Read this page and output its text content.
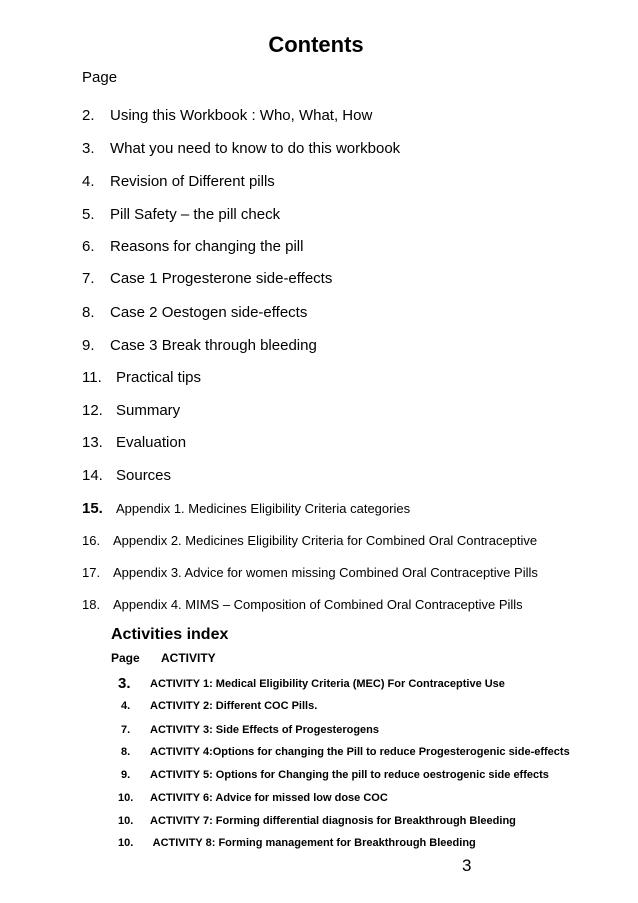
Contents
Page
2. Using this Workbook : Who, What, How
3. What you need to know to do this workbook
4. Revision of Different pills
5. Pill Safety – the pill check
6. Reasons for changing the pill
7. Case 1 Progesterone side-effects
8. Case 2 Oestogen side-effects
9. Case 3 Break through bleeding
11. Practical tips
12. Summary
13. Evaluation
14. Sources
15. Appendix 1. Medicines Eligibility Criteria categories
16. Appendix 2. Medicines Eligibility Criteria for Combined Oral Contraceptive
17. Appendix 3. Advice for women missing Combined Oral Contraceptive Pills
18. Appendix 4. MIMS – Composition of Combined Oral Contraceptive Pills
Activities index
Page ACTIVITY
3. ACTIVITY 1: Medical Eligibility Criteria (MEC) For Contraceptive Use
4. ACTIVITY 2: Different COC Pills.
7. ACTIVITY 3: Side Effects of Progesterogens
8. ACTIVITY 4:Options for changing the Pill to reduce Progesterogenic side-effects
9. ACTIVITY 5: Options for Changing the pill to reduce oestrogenic side effects
10. ACTIVITY 6: Advice for missed low dose COC
10. ACTIVITY 7: Forming differential diagnosis for Breakthrough Bleeding
10. ACTIVITY 8: Forming management for Breakthrough Bleeding
3
